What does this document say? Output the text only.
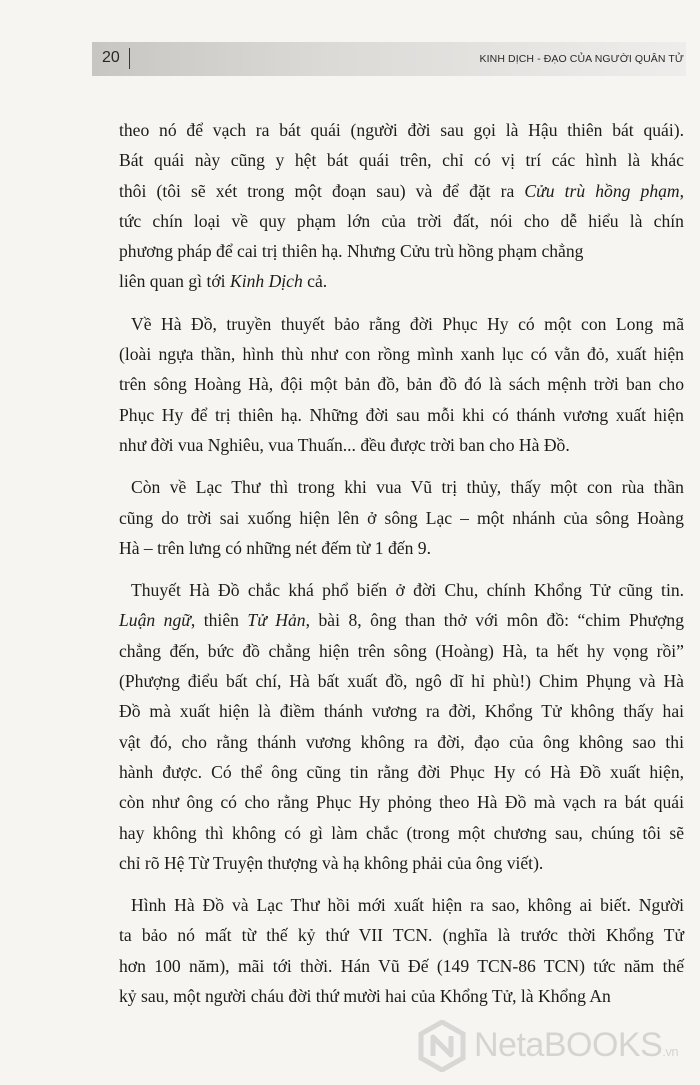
20	KINH DỊCH - ĐẠO CỦA NGƯỜI QUÂN TỬ
theo nó để vạch ra bát quái (người đời sau gọi là Hậu thiên bát quái).
Bát quái này cũng y hệt bát quái trên, chỉ có vị trí các hình là khác
thôi (tôi sẽ xét trong một đoạn sau) và để đặt ra Cửu trù hồng phạm,
tức chín loại về quy phạm lớn của trời đất, nói cho dễ hiểu là chín
phương pháp để cai trị thiên hạ. Nhưng Cửu trù hồng phạm chẳng
liên quan gì tới Kinh Dịch cả.
Về Hà Đồ, truyền thuyết bảo rằng đời Phục Hy có một con Long mã
(loài ngựa thần, hình thù như con rồng mình xanh lục có vằn đỏ, xuất hiện
trên sông Hoàng Hà, đội một bản đồ, bản đồ đó là sách mệnh trời ban cho
Phục Hy để trị thiên hạ. Những đời sau mỗi khi có thánh vương xuất hiện
như đời vua Nghiêu, vua Thuấn... đều được trời ban cho Hà Đồ.
Còn về Lạc Thư thì trong khi vua Vũ trị thủy, thấy một con rùa thần
cũng do trời sai xuống hiện lên ở sông Lạc – một nhánh của sông Hoàng
Hà – trên lưng có những nét đếm từ 1 đến 9.
Thuyết Hà Đồ chắc khá phổ biến ở đời Chu, chính Khổng Tử cũng tin.
Luận ngữ, thiên Tử Hản, bài 8, ông than thở với môn đồ: “chim Phượng
chẳng đến, bức đồ chẳng hiện trên sông (Hoàng) Hà, ta hết hy vọng rồi”
(Phượng điểu bất chí, Hà bất xuất đồ, ngô dĩ hỉ phù!) Chim Phụng và Hà
Đồ mà xuất hiện là điềm thánh vương ra đời, Khổng Tử không thấy hai
vật đó, cho rằng thánh vương không ra đời, đạo của ông không sao thi
hành được. Có thể ông cũng tin rằng đời Phục Hy có Hà Đồ xuất hiện,
còn như ông có cho rằng Phục Hy phỏng theo Hà Đồ mà vạch ra bát quái
hay không thì không có gì làm chắc (trong một chương sau, chúng tôi sẽ
chỉ rõ Hệ Từ Truyện thượng và hạ không phải của ông viết).
Hình Hà Đồ và Lạc Thư hồi mới xuất hiện ra sao, không ai biết. Người
ta bảo nó mất từ thế kỷ thứ VII TCN. (nghĩa là trước thời Khổng Tử
hơn 100 năm), mãi tới thời. Hán Vũ Đế (149 TCN-86 TCN) tức năm thế
kỷ sau, một người cháu đời thứ mười hai của Khổng Tử, là Khổng An
NetaBOOKS.vn
